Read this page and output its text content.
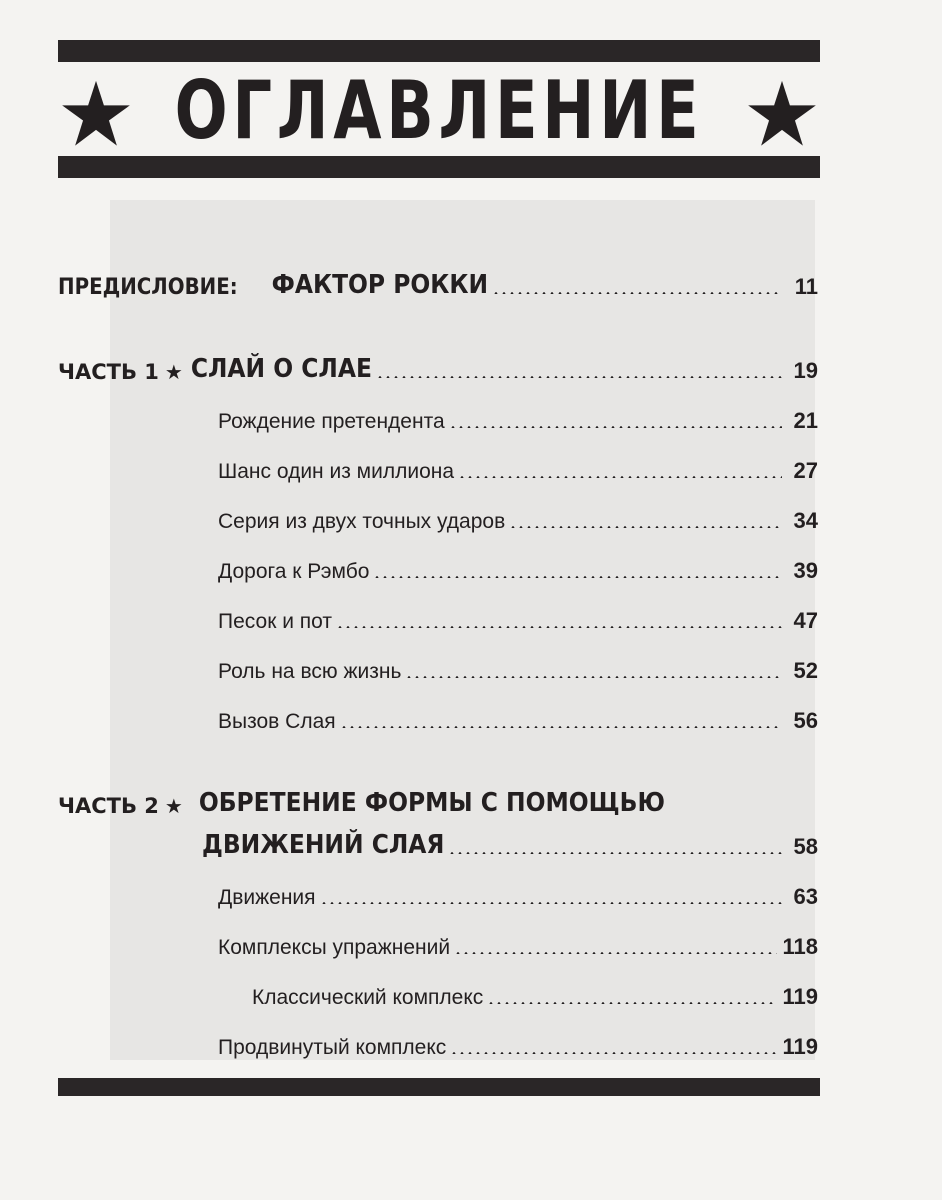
ОГЛАВЛЕНИЕ
ПРЕДИСЛОВИЕ: ФАКТОР РОККИ	11
ЧАСТЬ 1 ★ СЛАЙ О СЛАЕ	19
Рождение претендента	21
Шанс один из миллиона	27
Серия из двух точных ударов	34
Дорога к Рэмбо	39
Песок и пот	47
Роль на всю жизнь	52
Вызов Слая	56
ЧАСТЬ 2 ★ ОБРЕТЕНИЕ ФОРМЫ С ПОМОЩЬЮ
ДВИЖЕНИЙ СЛАЯ	58
Движения	63
Комплексы упражнений	118
Классический комплекс	119
Продвинутый комплекс	119
